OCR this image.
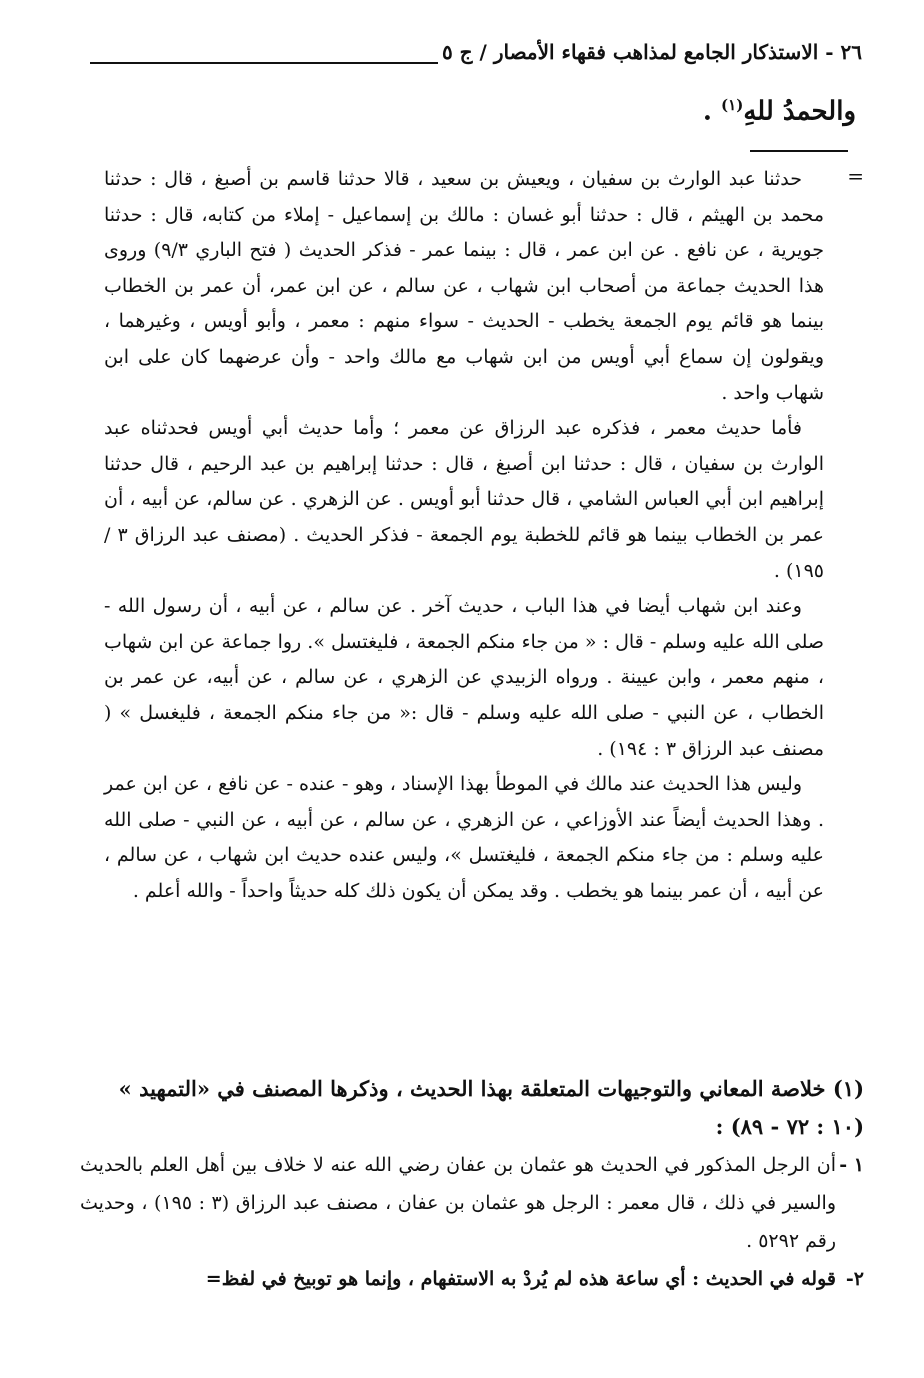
٢٦ - الاستذكار الجامع لمذاهب فقهاء الأمصار / ج ٥
والحمدُ للهِ$^{(١)}$ .
=

حدثنا عبد الوارث بن سفيان ، ويعيش بن سعيد ، قالا حدثنا قاسم بن أصبغ ، قال : حدثنا محمد بن الهيثم ، قال : حدثنا أبو غسان : مالك بن إسماعيل - إملاء من كتابه، قال : حدثنا جويرية ، عن نافع . عن ابن عمر ، قال : بينما عمر - فذكر الحديث ( فتح الباري ٩/٣) وروى هذا الحديث جماعة من أصحاب ابن شهاب ، عن سالم ، عن ابن عمر، أن عمر بن الخطاب بينما هو قائم يوم الجمعة يخطب - الحديث - سواء منهم : معمر ، وأبو أويس ، وغيرهما ، ويقولون إن سماع أبي أويس من ابن شهاب مع مالك واحد - وأن عرضهما كان على ابن شهاب واحد .

فأما حديث معمر ، فذكره عبد الرزاق عن معمر ؛ وأما حديث أبي أويس فحدثناه عبد الوارث بن سفيان ، قال : حدثنا ابن أصبغ ، قال : حدثنا إبراهيم بن عبد الرحيم ، قال حدثنا إبراهيم ابن أبي العباس الشامي ، قال حدثنا أبو أويس . عن الزهري . عن سالم، عن أبيه ، أن عمر بن الخطاب بينما هو قائم للخطبة يوم الجمعة - فذكر الحديث . (مصنف عبد الرزاق ٣ / ١٩٥) .

وعند ابن شهاب أيضا في هذا الباب ، حديث آخر . عن سالم ، عن أبيه ، أن رسول الله - صلى الله عليه وسلم - قال : « من جاء منكم الجمعة ، فليغتسل ». روا جماعة عن ابن شهاب ، منهم معمر ، وابن عيينة . ورواه الزبيدي عن الزهري ، عن سالم ، عن أبيه، عن عمر بن الخطاب ، عن النبي - صلى الله عليه وسلم - قال :« من جاء منكم الجمعة ، فليغسل » ( مصنف عبد الرزاق ٣ : ١٩٤) .

وليس هذا الحديث عند مالك في الموطأ بهذا الإسناد ، وهو - عنده - عن نافع ، عن ابن عمر . وهذا الحديث أيضاً عند الأوزاعي ، عن الزهري ، عن سالم ، عن أبيه ، عن النبي - صلى الله عليه وسلم : من جاء منكم الجمعة ، فليغتسل »، وليس عنده حديث ابن شهاب ، عن سالم ، عن أبيه ، أن عمر بينما هو يخطب . وقد يمكن أن يكون ذلك كله حديثاً واحداً - والله أعلم .

(١) خلاصة المعاني والتوجيهات المتعلقة بهذا الحديث ، وذكرها المصنف في «التمهيد » (١٠ : ٧٢ - ٨٩) :

١ -
أن الرجل المذكور في الحديث هو عثمان بن عفان رضي الله عنه لا خلاف بين أهل العلم بالحديث والسير في ذلك ، قال معمر : الرجل هو عثمان بن عفان ، مصنف عبد الرزاق (٣ : ١٩٥) ، وحديث رقم ٥٢٩٢ .
٢-
قوله في الحديث : أي ساعة هذه لم يُردْ به الاستفهام ، وإنما هو توبيخ في لفظ=
